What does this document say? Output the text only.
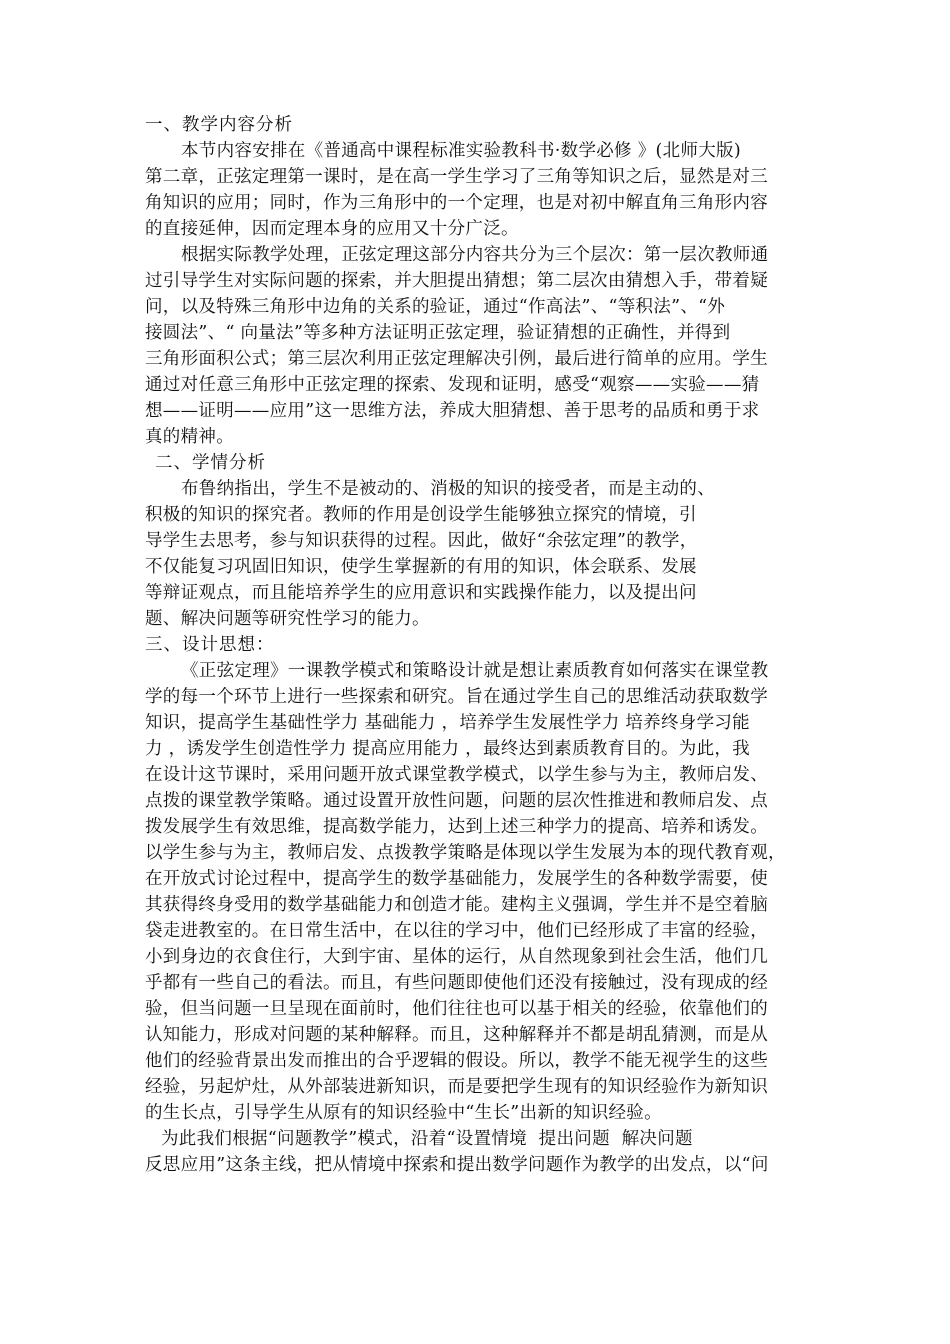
一、教学内容分析
本节内容安排在《普通高中课程标准实验教科书·数学必修 》(北师大版)
第二章，正弦定理第一课时，是在高一学生学习了三角等知识之后，显然是对三
角知识的应用；同时，作为三角形中的一个定理，也是对初中解直角三角形内容
的直接延伸，因而定理本身的应用又十分广泛。
根据实际教学处理，正弦定理这部分内容共分为三个层次：第一层次教师通
过引导学生对实际问题的探索，并大胆提出猜想；第二层次由猜想入手，带着疑
问，以及特殊三角形中边角的关系的验证，通过“作高法”、“等积法”、“外
接圆法”、“ 向量法”等多种方法证明正弦定理，验证猜想的正确性，并得到
三角形面积公式；第三层次利用正弦定理解决引例，最后进行简单的应用。学生
通过对任意三角形中正弦定理的探索、发现和证明，感受“观察——实验——猜
想——证明——应用”这一思维方法，养成大胆猜想、善于思考的品质和勇于求
真的精神。
二、学情分析
布鲁纳指出，学生不是被动的、消极的知识的接受者，而是主动的、
积极的知识的探究者。教师的作用是创设学生能够独立探究的情境，引
导学生去思考，参与知识获得的过程。因此，做好“余弦定理”的教学，
不仅能复习巩固旧知识，使学生掌握新的有用的知识，体会联系、发展
等辩证观点，而且能培养学生的应用意识和实践操作能力，以及提出问
题、解决问题等研究性学习的能力。
三、设计思想：
《正弦定理》一课教学模式和策略设计就是想让素质教育如何落实在课堂教
学的每一个环节上进行一些探索和研究。旨在通过学生自己的思维活动获取数学
知识，提高学生基础性学力 基础能力 ，培养学生发展性学力 培养终身学习能
力 ，诱发学生创造性学力 提高应用能力 ，最终达到素质教育目的。为此，我
在设计这节课时，采用问题开放式课堂教学模式，以学生参与为主，教师启发、
点拨的课堂教学策略。通过设置开放性问题，问题的层次性推进和教师启发、点
拨发展学生有效思维，提高数学能力，达到上述三种学力的提高、培养和诱发。
以学生参与为主，教师启发、点拨教学策略是体现以学生发展为本的现代教育观，
在开放式讨论过程中，提高学生的数学基础能力，发展学生的各种数学需要，使
其获得终身受用的数学基础能力和创造才能。建构主义强调，学生并不是空着脑
袋走进教室的。在日常生活中，在以往的学习中，他们已经形成了丰富的经验，
小到身边的衣食住行，大到宇宙、星体的运行，从自然现象到社会生活，他们几
乎都有一些自己的看法。而且，有些问题即使他们还没有接触过，没有现成的经
验，但当问题一旦呈现在面前时，他们往往也可以基于相关的经验，依靠他们的
认知能力，形成对问题的某种解释。而且，这种解释并不都是胡乱猜测，而是从
他们的经验背景出发而推出的合乎逻辑的假设。所以，教学不能无视学生的这些
经验，另起炉灶，从外部装进新知识，而是要把学生现有的知识经验作为新知识
的生长点，引导学生从原有的知识经验中“生长”出新的知识经验。
为此我们根据“问题教学”模式，沿着“设置情境  提出问题  解决问题
反思应用”这条主线，把从情境中探索和提出数学问题作为教学的出发点，以“问
